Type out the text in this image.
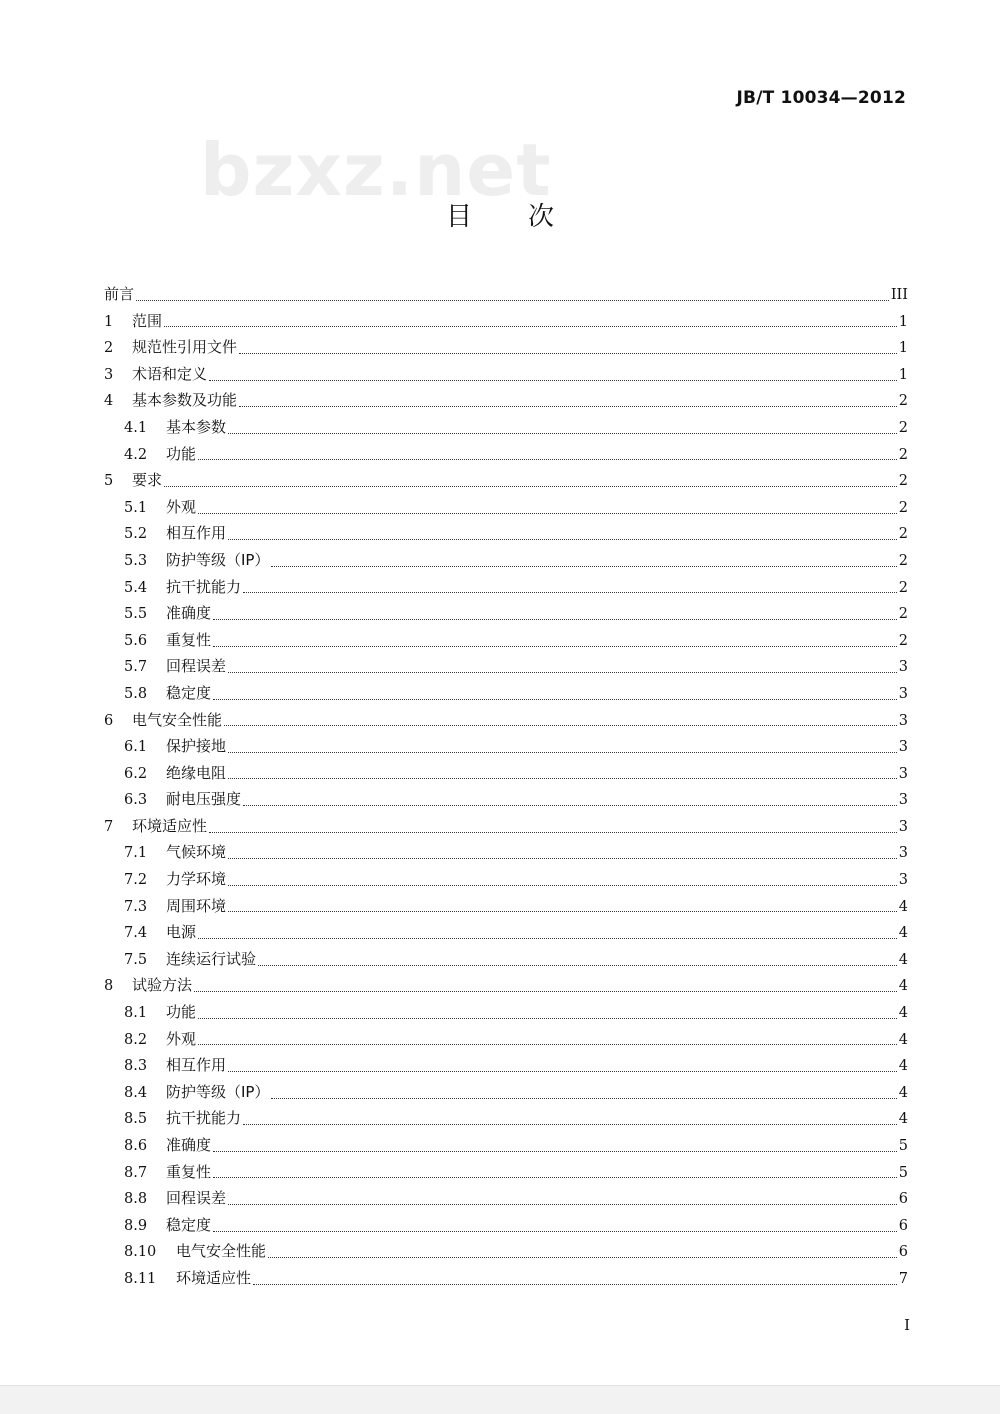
JB/T 10034—2012
bzxz.net
目次
前言	III
1	范围	1
2	规范性引用文件	1
3	术语和定义	1
4	基本参数及功能	2
4.1	基本参数	2
4.2	功能	2
5	要求	2
5.1	外观	2
5.2	相互作用	2
5.3	防护等级（IP）	2
5.4	抗干扰能力	2
5.5	准确度	2
5.6	重复性	2
5.7	回程误差	3
5.8	稳定度	3
6	电气安全性能	3
6.1	保护接地	3
6.2	绝缘电阻	3
6.3	耐电压强度	3
7	环境适应性	3
7.1	气候环境	3
7.2	力学环境	3
7.3	周围环境	4
7.4	电源	4
7.5	连续运行试验	4
8	试验方法	4
8.1	功能	4
8.2	外观	4
8.3	相互作用	4
8.4	防护等级（IP）	4
8.5	抗干扰能力	4
8.6	准确度	5
8.7	重复性	5
8.8	回程误差	6
8.9	稳定度	6
8.10	电气安全性能	6
8.11	环境适应性	7
I
